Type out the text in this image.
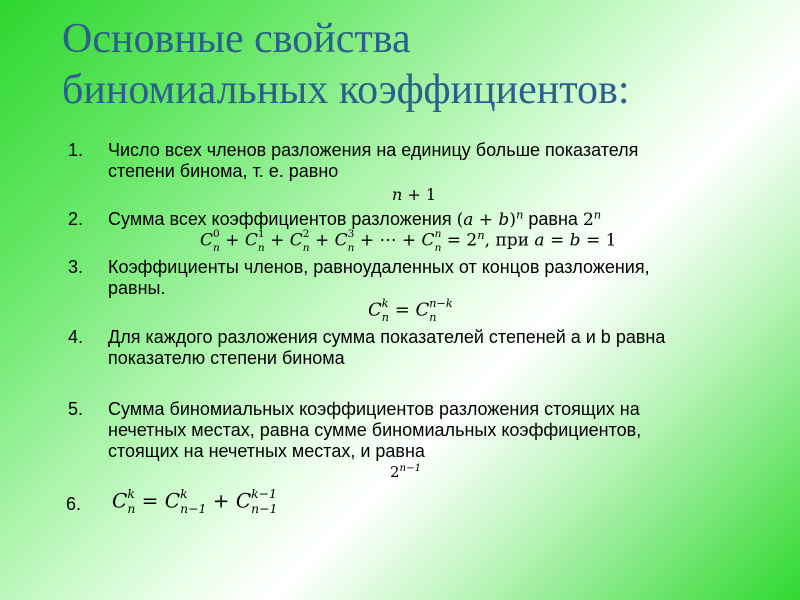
Основные свойства
биномиальных коэффициентов:
1.	Число всех членов разложения на единицу больше показателя
степени бинома, т. е. равно
n + 1
2.	Сумма всех коэффициентов разложения $(a + b)^n$ равна 2$^n$
C 0
n + C 1
n + C 2
n + C 3
n + ⋯ + C n
$n = 2^n$, при a = b = 1
3.	Коэффициенты членов, равноудаленных от концов разложения,
равны.
C k
n = C n−k
n
4.	Для каждого разложения сумма показателей степеней a и b равна
показателю степени бинома
5.	Сумма биномиальных коэффициентов разложения стоящих на
нечетных местах, равна сумме биномиальных коэффициентов,
стоящих на нечетных местах, и равна
$2^{n-1}$
6. C k
n = C k
n−1 + C k−1
n−1
